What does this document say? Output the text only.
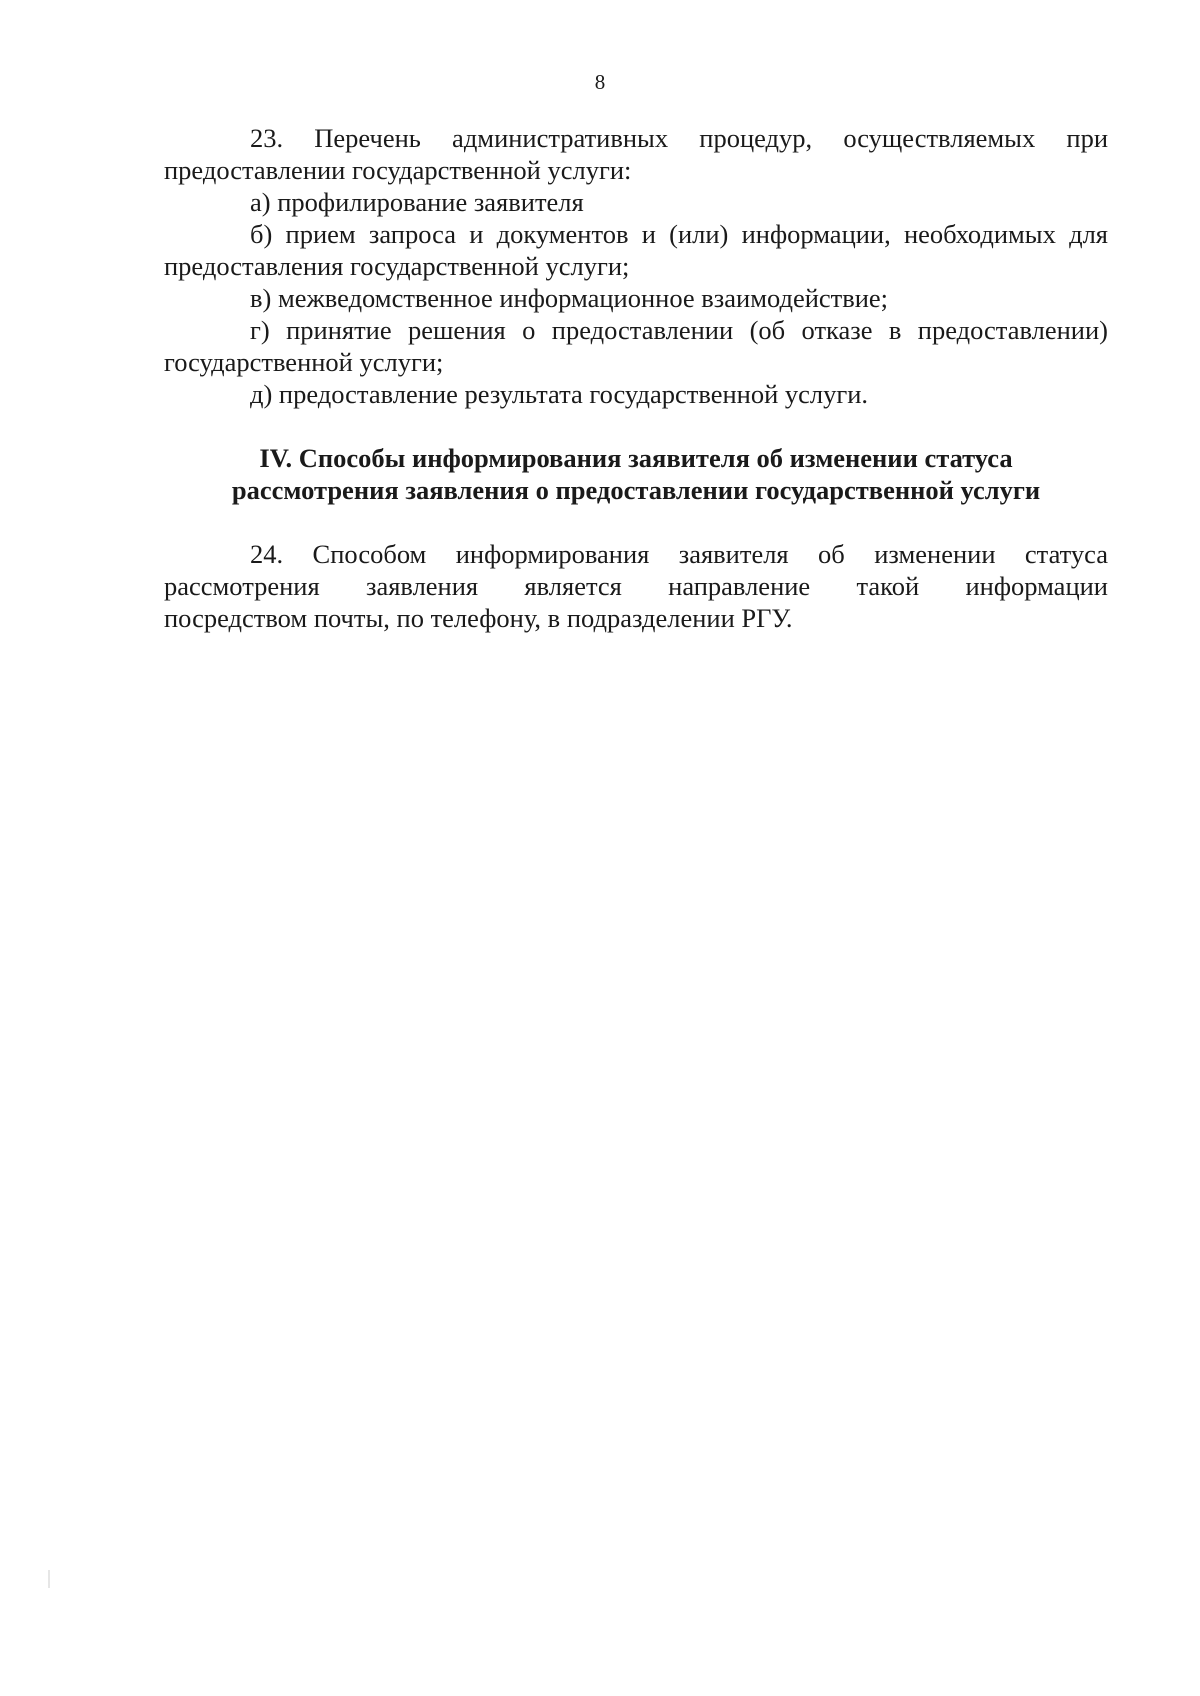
8

23. Перечень административных процедур, осуществляемых при

предоставлении государственной услуги:

а) профилирование заявителя

б) прием запроса и документов и (или) информации, необходимых для

предоставления государственной услуги;

в) межведомственное информационное взаимодействие;

г) принятие решения о предоставлении (об отказе в предоставлении)

государственной услуги;

д) предоставление результата государственной услуги.

IV. Способы информирования заявителя об изменении статуса
рассмотрения заявления о предоставлении государственной услуги

24. Способом информирования заявителя об изменении статуса

рассмотрения заявления является направление такой информации

посредством почты, по телефону, в подразделении РГУ.
